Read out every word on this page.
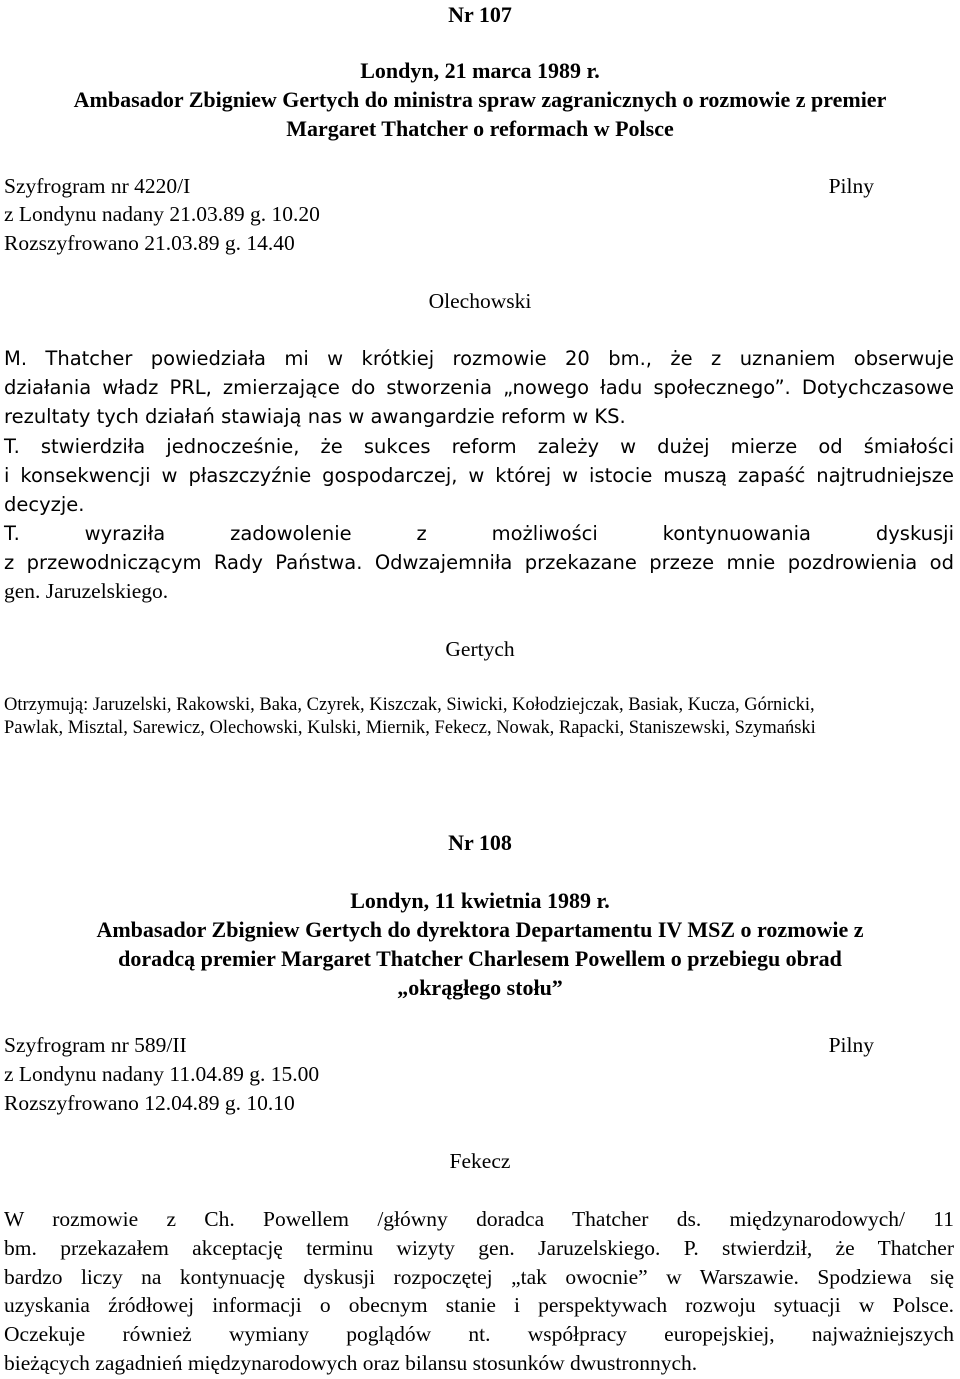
Nr 107
Londyn, 21 marca 1989 r.
Ambasador Zbigniew Gertych do ministra spraw zagranicznych o rozmowie z premier
Margaret Thatcher o reformach w Polsce
Szyfrogram nr 4220/I	Pilny
z Londynu nadany 21.03.89 g. 10.20
Rozszyfrowano 21.03.89 g. 14.40
Olechowski
M. Thatcher powiedziała mi w krótkiej rozmowie 20 bm., że z uznaniem obserwuje
działania władz PRL, zmierzające do stworzenia „nowego ładu społecznego”. Dotychczasowe
rezultaty tych działań stawiają nas w awangardzie reform w KS.
T. stwierdziła jednocześnie, że sukces reform zależy w dużej mierze od śmiałości
i konsekwencji w płaszczyźnie gospodarczej, w której w istocie muszą zapaść najtrudniejsze
decyzje.
T. wyraziła zadowolenie z możliwości kontynuowania dyskusji
z przewodniczącym Rady Państwa. Odwzajemniła przekazane przeze mnie pozdrowienia od
gen. Jaruzelskiego.
Gertych
Otrzymują: Jaruzelski, Rakowski, Baka, Czyrek, Kiszczak, Siwicki, Kołodziejczak, Basiak, Kucza, Górnicki,
Pawlak, Misztal, Sarewicz, Olechowski, Kulski, Miernik, Fekecz, Nowak, Rapacki, Staniszewski, Szymański
Nr 108
Londyn, 11 kwietnia 1989 r.
Ambasador Zbigniew Gertych do dyrektora Departamentu IV MSZ o rozmowie z
doradcą premier Margaret Thatcher Charlesem Powellem o przebiegu obrad
„okrągłego stołu”
Szyfrogram nr 589/II	Pilny
z Londynu nadany 11.04.89 g. 15.00
Rozszyfrowano 12.04.89 g. 10.10
Fekecz
W rozmowie z Ch. Powellem /główny doradca Thatcher ds. międzynarodowych/ 11
bm. przekazałem akceptację terminu wizyty gen. Jaruzelskiego. P. stwierdził, że Thatcher
bardzo liczy na kontynuację dyskusji rozpoczętej „tak owocnie” w Warszawie. Spodziewa się
uzyskania źródłowej informacji o obecnym stanie i perspektywach rozwoju sytuacji w Polsce.
Oczekuje również wymiany poglądów nt. współpracy europejskiej, najważniejszych
bieżących zagadnień międzynarodowych oraz bilansu stosunków dwustronnych.
